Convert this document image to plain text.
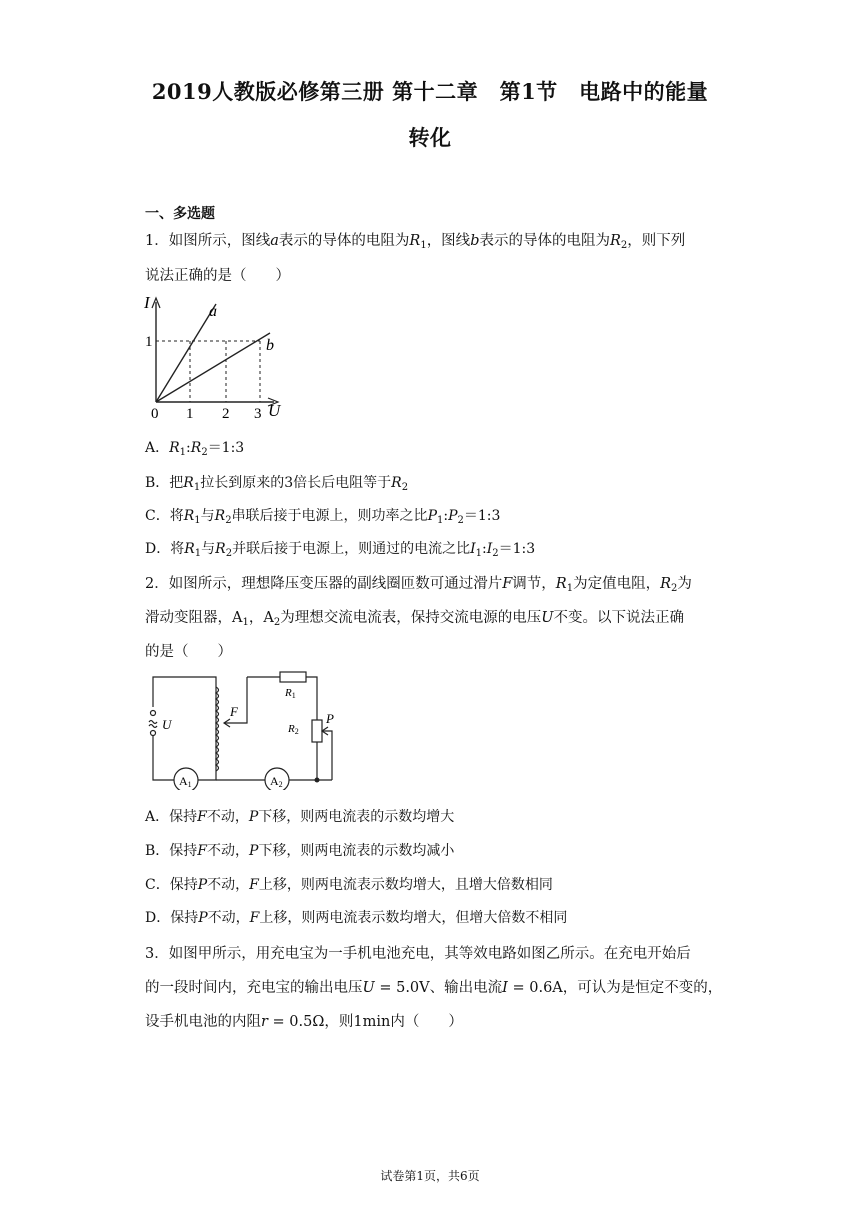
2019人教版必修第三册 第十二章　第1节　电路中的能量
转化
一、多选题
1．如图所示，图线a表示的导体的电阻为$R_1$，图线b表示的导体的电阻为$R_2$，则下列
说法正确的是（　　）
I
U
0 1 2 3
1
a
b
A．$R_1:R_2=1:3$
B．把$R_1$拉长到原来的3倍长后电阻等于$R_2$
C．将$R_1$与$R_2$串联后接于电源上，则功率之比$P_1:P_2=1:3$
D．将$R_1$与$R_2$并联后接于电源上，则通过的电流之比$I_1:I_2=1:3$
2．如图所示，理想降压变压器的副线圈匝数可通过滑片F调节，$R_1$为定值电阻，$R_2$为
滑动变阻器，$A_1$，$A_2$为理想交流电流表，保持交流电源的电压U不变。以下说法正确
的是（　　）
U
F
R1
R2
P
A1	A2
A．保持F不动，P下移，则两电流表的示数均增大
B．保持F不动，P下移，则两电流表的示数均减小
C．保持P不动，F上移，则两电流表示数均增大，且增大倍数相同
D．保持P不动，F上移，则两电流表示数均增大，但增大倍数不相同
3．如图甲所示，用充电宝为一手机电池充电，其等效电路如图乙所示。在充电开始后
的一段时间内，充电宝的输出电压U = 5.0V、输出电流I = 0.6A，可认为是恒定不变的，
设手机电池的内阻r = 0.5Ω，则1min内（　　）
试卷第1页，共6页
